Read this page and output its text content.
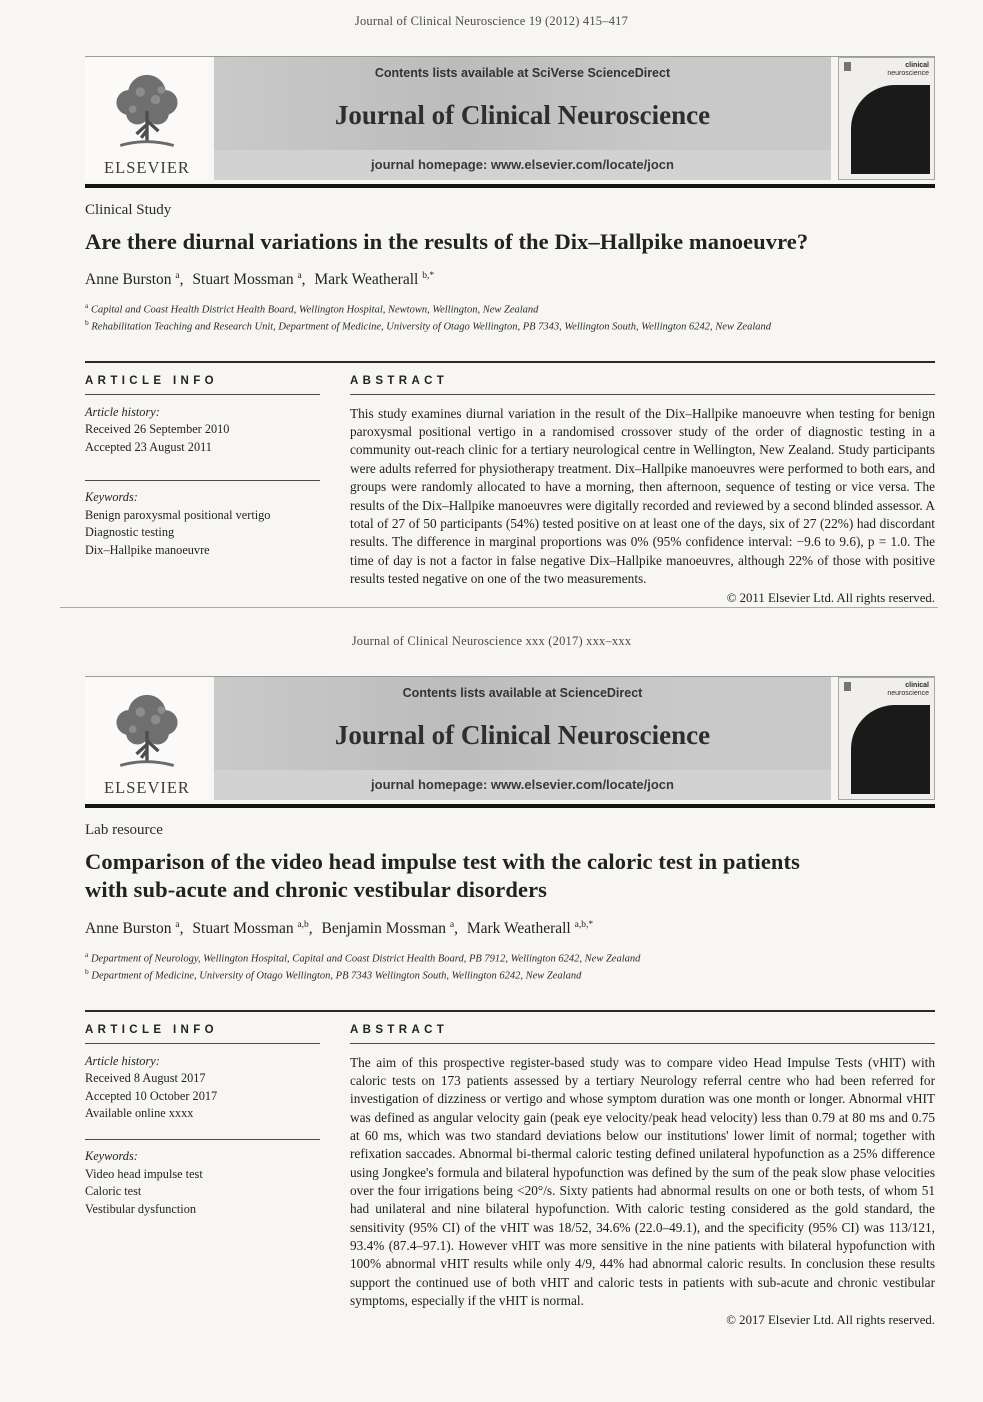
Journal of Clinical Neuroscience 19 (2012) 415–417
ELSEVIER
Contents lists available at SciVerse ScienceDirect
Journal of Clinical Neuroscience
journal homepage: www.elsevier.com/locate/jocn
clinical
neuroscience
Clinical Study
Are there diurnal variations in the results of the Dix–Hallpike manoeuvre?
Anne Burston $^a$, Stuart Mossman $^a$, Mark Weatherall $^{b,*}$
$^a$ Capital and Coast Health District Health Board, Wellington Hospital, Newtown, Wellington, New Zealand
$^b$ Rehabilitation Teaching and Research Unit, Department of Medicine, University of Otago Wellington, PB 7343, Wellington South, Wellington 6242, New Zealand
ARTICLE INFO
Article history:
Received 26 September 2010
Accepted 23 August 2011
Keywords:
Benign paroxysmal positional vertigo
Diagnostic testing
Dix–Hallpike manoeuvre
ABSTRACT

This study examines diurnal variation in the result of the Dix–Hallpike manoeuvre when testing for benign paroxysmal positional vertigo in a randomised crossover study of the order of diagnostic testing in a community out-reach clinic for a tertiary neurological centre in Wellington, New Zealand. Study participants were adults referred for physiotherapy treatment. Dix–Hallpike manoeuvres were performed to both ears, and groups were randomly allocated to have a morning, then afternoon, sequence of testing or vice versa. The results of the Dix–Hallpike manoeuvres were digitally recorded and reviewed by a second blinded assessor. A total of 27 of 50 participants (54%) tested positive on at least one of the days, six of 27 (22%) had discordant results. The difference in marginal proportions was 0% (95% confidence interval: −9.6 to 9.6), p = 1.0. The time of day is not a factor in false negative Dix–Hallpike manoeuvres, although 22% of those with positive results tested negative on one of the two measurements.

© 2011 Elsevier Ltd. All rights reserved.
Journal of Clinical Neuroscience xxx (2017) xxx–xxx
ELSEVIER
Contents lists available at ScienceDirect
Journal of Clinical Neuroscience
journal homepage: www.elsevier.com/locate/jocn
clinical
neuroscience
Lab resource
Comparison of the video head impulse test with the caloric test in patients with sub-acute and chronic vestibular disorders
Anne Burston $^a$, Stuart Mossman $^{a,b}$, Benjamin Mossman $^a$, Mark Weatherall $^{a,b,*}$
$^a$ Department of Neurology, Wellington Hospital, Capital and Coast District Health Board, PB 7912, Wellington 6242, New Zealand
$^b$ Department of Medicine, University of Otago Wellington, PB 7343 Wellington South, Wellington 6242, New Zealand
ARTICLE INFO
Article history:
Received 8 August 2017
Accepted 10 October 2017
Available online xxxx
Keywords:
Video head impulse test
Caloric test
Vestibular dysfunction
ABSTRACT

The aim of this prospective register-based study was to compare video Head Impulse Tests (vHIT) with caloric tests on 173 patients assessed by a tertiary Neurology referral centre who had been referred for investigation of dizziness or vertigo and whose symptom duration was one month or longer. Abnormal vHIT was defined as angular velocity gain (peak eye velocity/peak head velocity) less than 0.79 at 80 ms and 0.75 at 60 ms, which was two standard deviations below our institutions' lower limit of normal; together with refixation saccades. Abnormal bi-thermal caloric testing defined unilateral hypofunction as a 25% difference using Jongkee's formula and bilateral hypofunction was defined by the sum of the peak slow phase velocities over the four irrigations being <20°/s. Sixty patients had abnormal results on one or both tests, of whom 51 had unilateral and nine bilateral hypofunction. With caloric testing considered as the gold standard, the sensitivity (95% CI) of the vHIT was 18/52, 34.6% (22.0–49.1), and the specificity (95% CI) was 113/121, 93.4% (87.4–97.1). However vHIT was more sensitive in the nine patients with bilateral hypofunction with 100% abnormal vHIT results while only 4/9, 44% had abnormal caloric results. In conclusion these results support the continued use of both vHIT and caloric tests in patients with sub-acute and chronic vestibular symptoms, especially if the vHIT is normal.

© 2017 Elsevier Ltd. All rights reserved.
